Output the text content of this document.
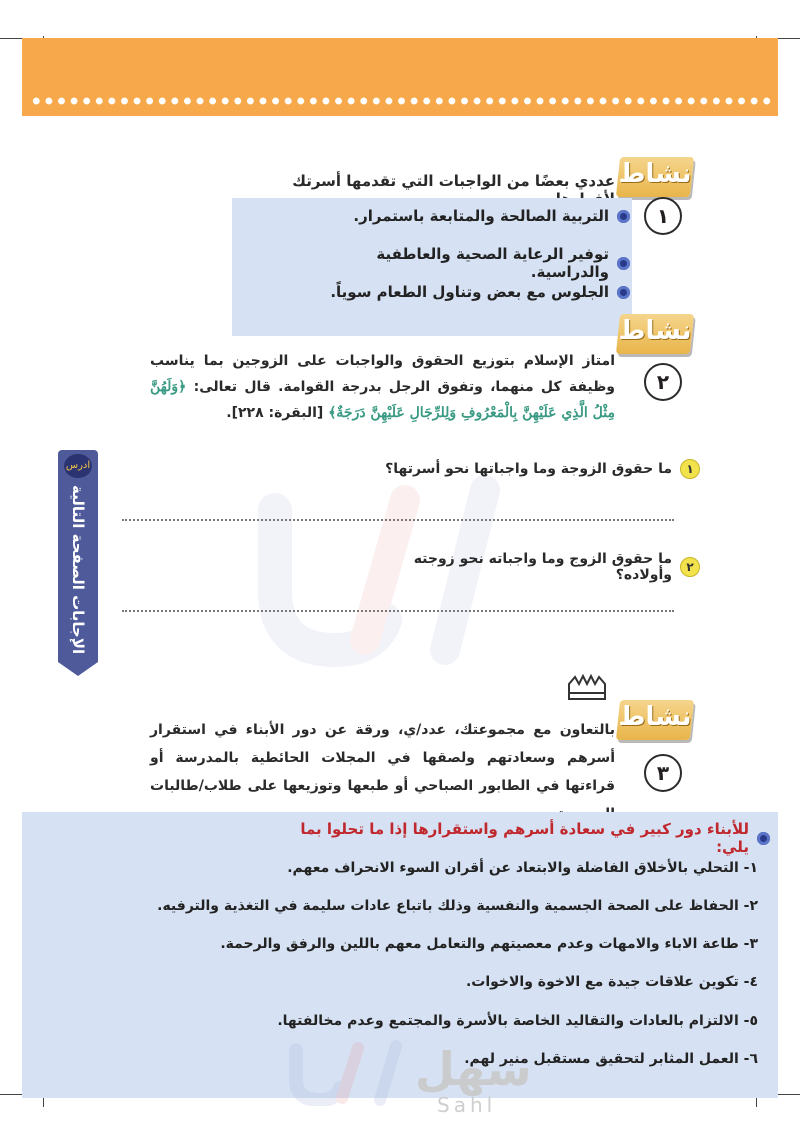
نشاط
١
عددي بعضًا من الواجبات التي تقدمها أسرتك
التربية الصالحة والمتابعة باستمرار.
توفير الرعاية الصحية والعاطفية والدراسية.
الجلوس مع بعض وتناول الطعام سوياً.
نشاط
٢
امتاز الإسلام بتوزيع الحقوق والواجبات على الزوجين بما يناسب وظيفة كل منهما، وتفوق الرجل بدرجة القوامة. قال تعالى: ﴿وَلَهُنَّ مِثْلُ الَّذِي عَلَيْهِنَّ بِالْمَعْرُوفِ وَلِلرِّجَالِ عَلَيْهِنَّ دَرَجَةٌ﴾ [البقرة: ٢٢٨].
١
ما حقوق الزوجة وما واجباتها نحو أسرتها؟
٢
ما حقوق الزوج وما واجباته نحو زوجته وأولاده؟
ادرس
الإجابات الصفحة التالية
نشاط
٣
بالتعاون مع مجموعتك، عدد/ي، ورقة عن دور الأبناء في استقرار أسرهم وسعادتهم ولصقها في المجلات الحائطية بالمدرسة أو قراءتها في الطابور الصباحي أو طبعها وتوزيعها على طلاب/طالبات
للأبناء دور كبير في سعادة أسرهم واستقرارها إذا ما تحلوا بما يلي:
١- التحلي بالأخلاق الفاضلة والابتعاد عن أقران السوء الانحراف معهم.
٢- الحفاظ على الصحة الجسمية والنفسية وذلك باتباع عادات سليمة في التغذية والترفيه.
٣- طاعة الاباء والامهات وعدم معصيتهم والتعامل معهم باللين والرفق والرحمة.
٤- تكوين علاقات جيدة مع الاخوة والاخوات.
٥- الالتزام بالعادات والتقاليد الخاصة بالأسرة والمجتمع وعدم مخالفتها.
٦- العمل المثابر لتحقيق مستقبل منير لهم.
سهل
Sahl
